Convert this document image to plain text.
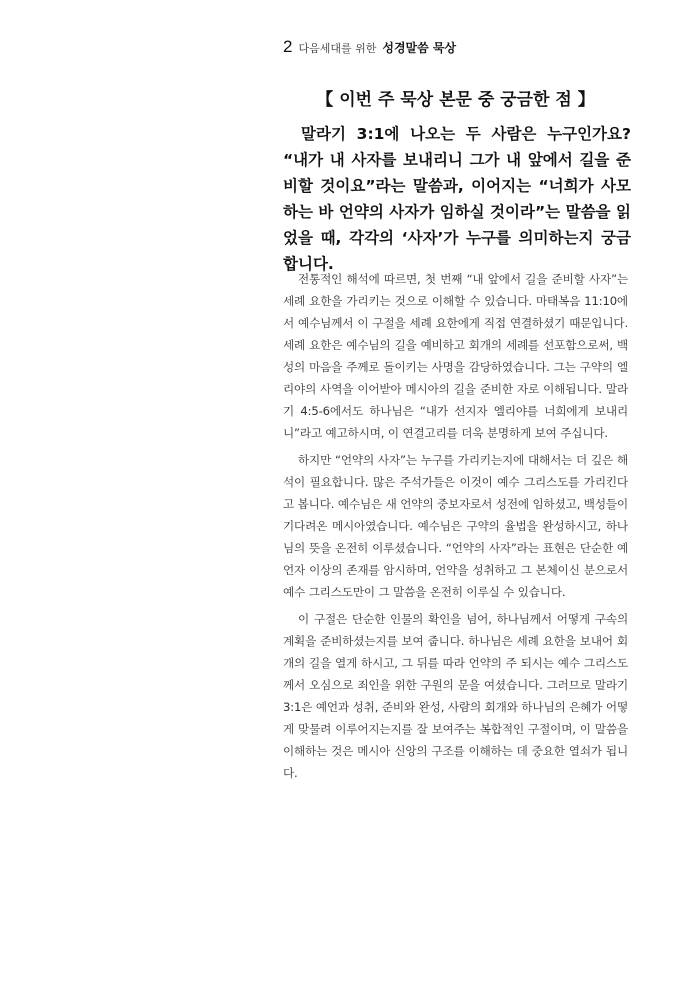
2 다음세대를 위한 성경말씀 묵상
【 이번 주 묵상 본문 중 궁금한 점 】

말라기 3:1에 나오는 두 사람은 누구인가요? “내가 내 사자를 보내리니 그가 내 앞에서 길을 준비할 것이요”라는 말씀과, 이어지는 “너희가 사모하는 바 언약의 사자가 임하실 것이라”는 말씀을 읽었을 때, 각각의 ‘사자’가 누구를 의미하는지 궁금합니다.

전통적인 해석에 따르면, 첫 번째 “내 앞에서 길을 준비할 사자”는 세례 요한을 가리키는 것으로 이해할 수 있습니다. 마태복음 11:10에서 예수님께서 이 구절을 세례 요한에게 직접 연결하셨기 때문입니다. 세례 요한은 예수님의 길을 예비하고 회개의 세례를 선포함으로써, 백성의 마음을 주께로 돌이키는 사명을 감당하였습니다. 그는 구약의 엘리야의 사역을 이어받아 메시아의 길을 준비한 자로 이해됩니다. 말라기 4:5-6에서도 하나님은 “내가 선지자 엘리야를 너희에게 보내리니”라고 예고하시며, 이 연결고리를 더욱 분명하게 보여 주십니다.

하지만 “언약의 사자”는 누구를 가리키는지에 대해서는 더 깊은 해석이 필요합니다. 많은 주석가들은 이것이 예수 그리스도를 가리킨다고 봅니다. 예수님은 새 언약의 중보자로서 성전에 임하셨고, 백성들이 기다려온 메시아였습니다. 예수님은 구약의 율법을 완성하시고, 하나님의 뜻을 온전히 이루셨습니다. “언약의 사자”라는 표현은 단순한 예언자 이상의 존재를 암시하며, 언약을 성취하고 그 본체이신 분으로서 예수 그리스도만이 그 말씀을 온전히 이루실 수 있습니다.

이 구절은 단순한 인물의 확인을 넘어, 하나님께서 어떻게 구속의 계획을 준비하셨는지를 보여 줍니다. 하나님은 세례 요한을 보내어 회개의 길을 열게 하시고, 그 뒤를 따라 언약의 주 되시는 예수 그리스도께서 오심으로 죄인을 위한 구원의 문을 여셨습니다. 그러므로 말라기 3:1은 예언과 성취, 준비와 완성, 사람의 회개와 하나님의 은혜가 어떻게 맞물려 이루어지는지를 잘 보여주는 복합적인 구절이며, 이 말씀을 이해하는 것은 메시아 신앙의 구조를 이해하는 데 중요한 열쇠가 됩니다.
